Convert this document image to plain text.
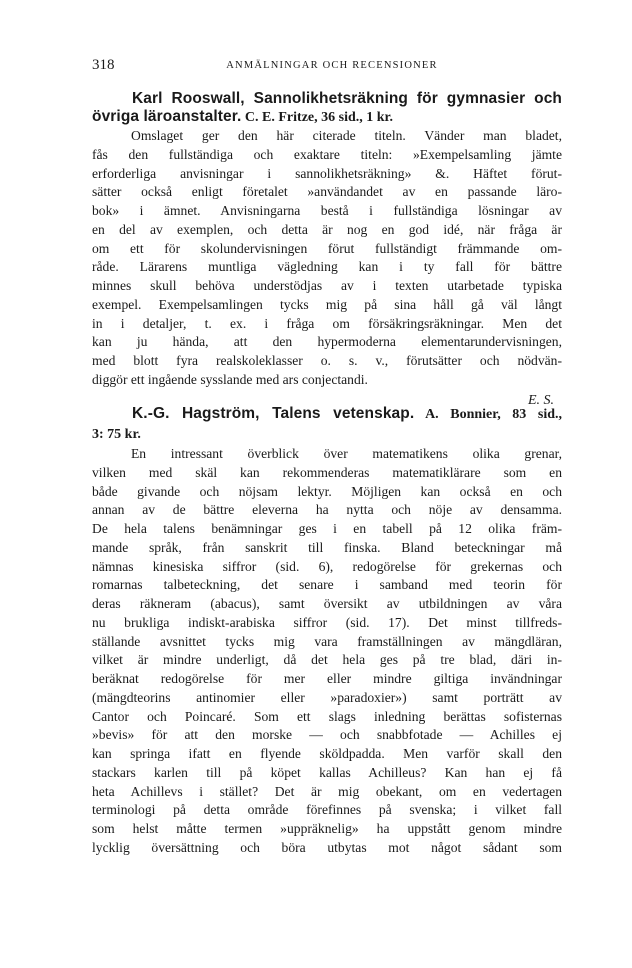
318	ANMÄLNINGAR OCH RECENSIONER
Karl Rooswall, Sannolikhetsräkning för gymnasier och
övriga läroanstalter. C. E. Fritze, 36 sid., 1 kr.

Omslaget ger den här citerade titeln. Vänder man bladet,
fås den fullständiga och exaktare titeln: »Exempelsamling jämte
erforderliga anvisningar i sannolikhetsräkning» &. Häftet förut-
sätter också enligt företalet »användandet av en passande läro-
bok» i ämnet. Anvisningarna bestå i fullständiga lösningar av
en del av exemplen, och detta är nog en god idé, när fråga är
om ett för skolundervisningen förut fullständigt främmande om-
råde. Lärarens muntliga vägledning kan i ty fall för bättre
minnes skull behöva understödjas av i texten utarbetade typiska
exempel. Exempelsamlingen tycks mig på sina håll gå väl långt
in i detaljer, t. ex. i fråga om försäkringsräkningar. Men det
kan ju hända, att den hypermoderna elementarundervisningen,
med blott fyra realskoleklasser o. s. v., förutsätter och nödvän-
diggör ett ingående sysslande med ars conjectandi.

E. S.
K.-G. Hagström, Talens vetenskap. A. Bonnier, 83 sid.,
3: 75 kr.

En intressant överblick över matematikens olika grenar,
vilken med skäl kan rekommenderas matematiklärare som en
både givande och nöjsam lektyr. Möjligen kan också en och
annan av de bättre eleverna ha nytta och nöje av densamma.
De hela talens benämningar ges i en tabell på 12 olika främ-
mande språk, från sanskrit till finska. Bland beteckningar må
nämnas kinesiska siffror (sid. 6), redogörelse för grekernas och
romarnas talbeteckning, det senare i samband med teorin för
deras räkneram (abacus), samt översikt av utbildningen av våra
nu brukliga indiskt-arabiska siffror (sid. 17). Det minst tillfreds-
ställande avsnittet tycks mig vara framställningen av mängdläran,
vilket är mindre underligt, då det hela ges på tre blad, däri in-
beräknat redogörelse för mer eller mindre giltiga invändningar
(mängdteorins antinomier eller »paradoxier») samt porträtt av
Cantor och Poincaré. Som ett slags inledning berättas sofisternas
»bevis» för att den morske — och snabbfotade — Achilles ej
kan springa ifatt en flyende sköldpadda. Men varför skall den
stackars karlen till på köpet kallas Achilleus? Kan han ej få
heta Achillevs i stället? Det är mig obekant, om en vedertagen
terminologi på detta område förefinnes på svenska; i vilket fall
som helst måtte termen »uppräknelig» ha uppstått genom mindre
lycklig översättning och böra utbytas mot något sådant som
